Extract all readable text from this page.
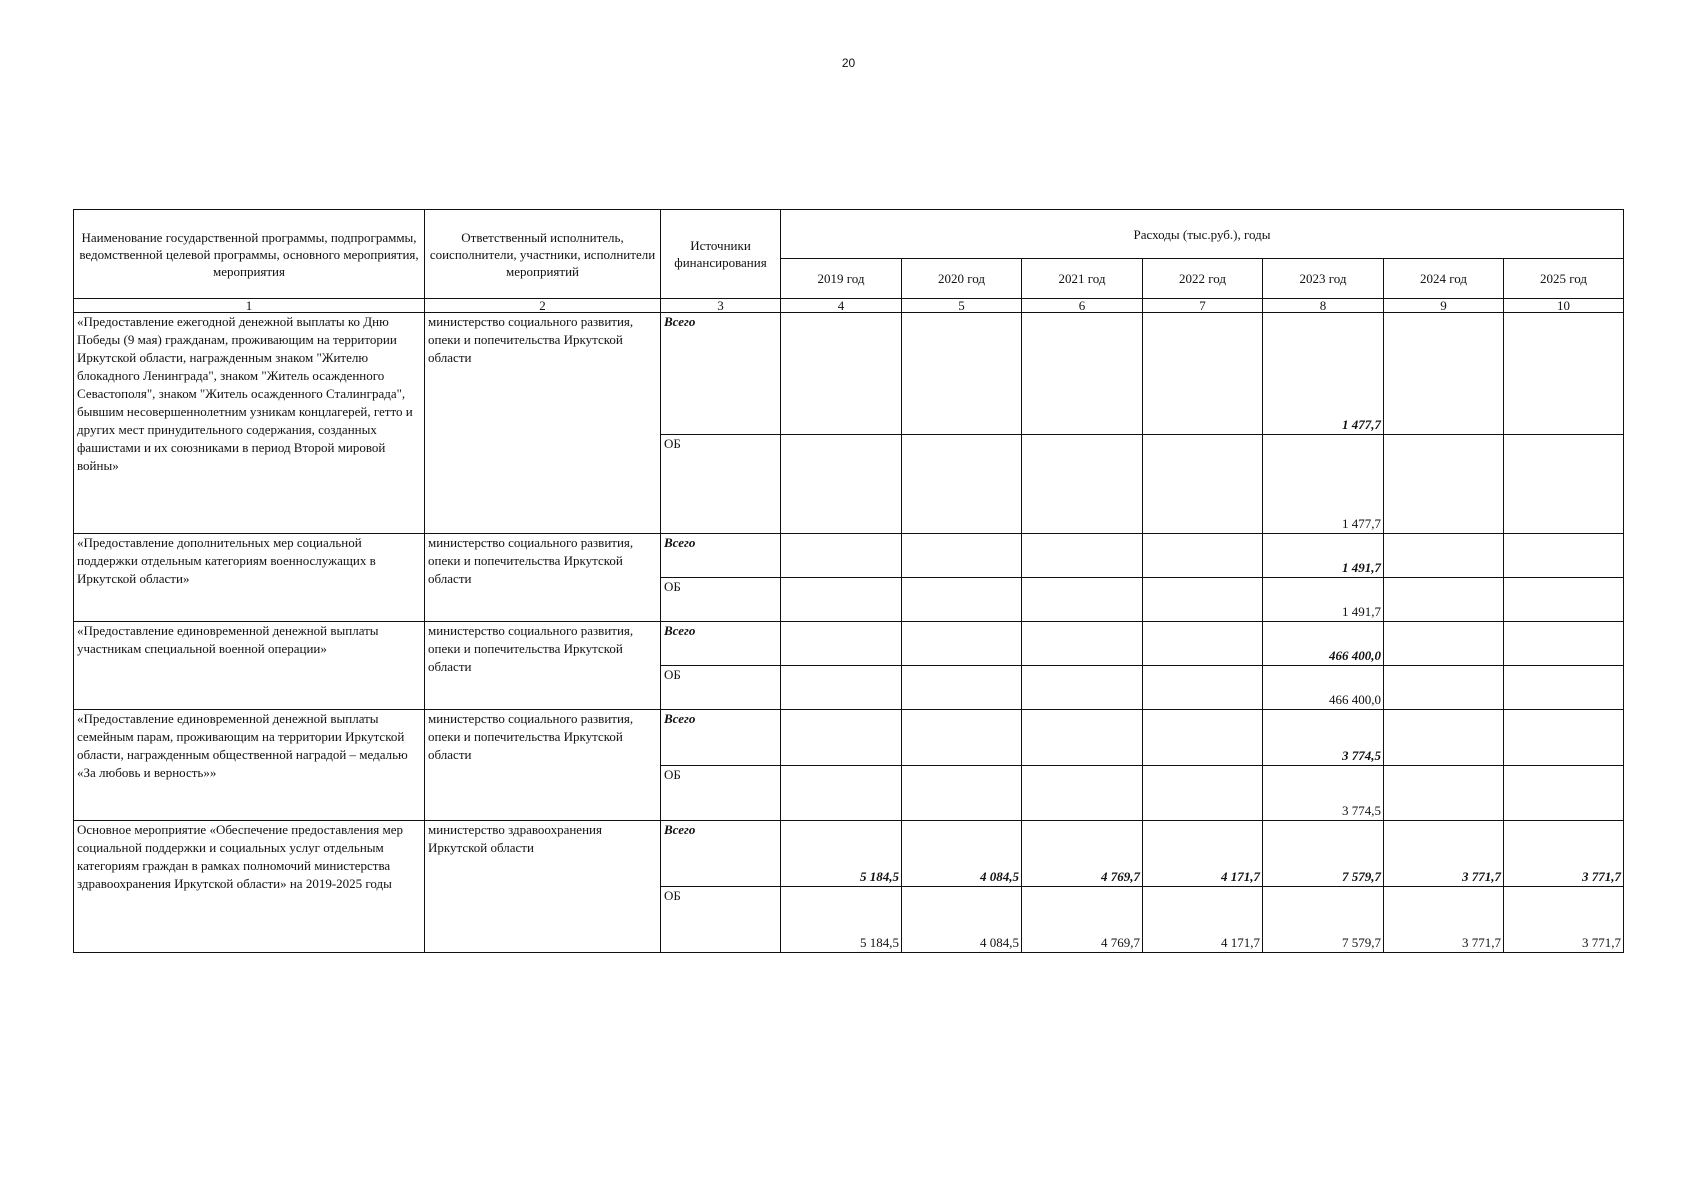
20
Наименование государственной программы, подпрограммы, ведомственной целевой программы, основного мероприятия, мероприятия	Ответственный исполнитель, соисполнители, участники, исполнители мероприятий	Источники финансирования	Расходы (тыс.руб.), годы						
			2019 год	2020 год	2021 год	2022 год	2023 год	2024 год	2025 год
1	2	3	4	5	6	7	8	9	10
«Предоставление ежегодной денежной выплаты ко Дню Победы (9 мая) гражданам, проживающим на территории Иркутской области, награжденным знаком "Жителю блокадного Ленинграда", знаком "Житель осажденного Севастополя", знаком "Житель осажденного Сталинграда", бывшим несовершеннолетним узникам концлагерей, гетто и других мест принудительного содержания, созданных фашистами и их союзниками в период Второй мировой войны»	министерство социального развития, опеки и попечительства Иркутской области	Всего					1 477,7		
		ОБ					1 477,7		
«Предоставление дополнительных мер социальной поддержки отдельным категориям военнослужащих в Иркутской области»	министерство социального развития, опеки и попечительства Иркутской области	Всего					1 491,7		
		ОБ					1 491,7		
«Предоставление единовременной денежной выплаты участникам специальной военной операции»	министерство социального развития, опеки и попечительства Иркутской области	Всего					466 400,0		
		ОБ					466 400,0		
«Предоставление единовременной денежной выплаты семейным парам, проживающим на территории Иркутской области, награжденным общественной наградой – медалью «За любовь и верность»»	министерство социального развития, опеки и попечительства Иркутской области	Всего					3 774,5		
		ОБ					3 774,5		
Основное мероприятие «Обеспечение предоставления мер социальной поддержки и социальных услуг отдельным категориям граждан в рамках полномочий министерства здравоохранения Иркутской области» на 2019-2025 годы	министерство здравоохранения Иркутской области	Всего	5 184,5	4 084,5	4 769,7	4 171,7	7 579,7	3 771,7	3 771,7
		ОБ	5 184,5	4 084,5	4 769,7	4 171,7	7 579,7	3 771,7	3 771,7
